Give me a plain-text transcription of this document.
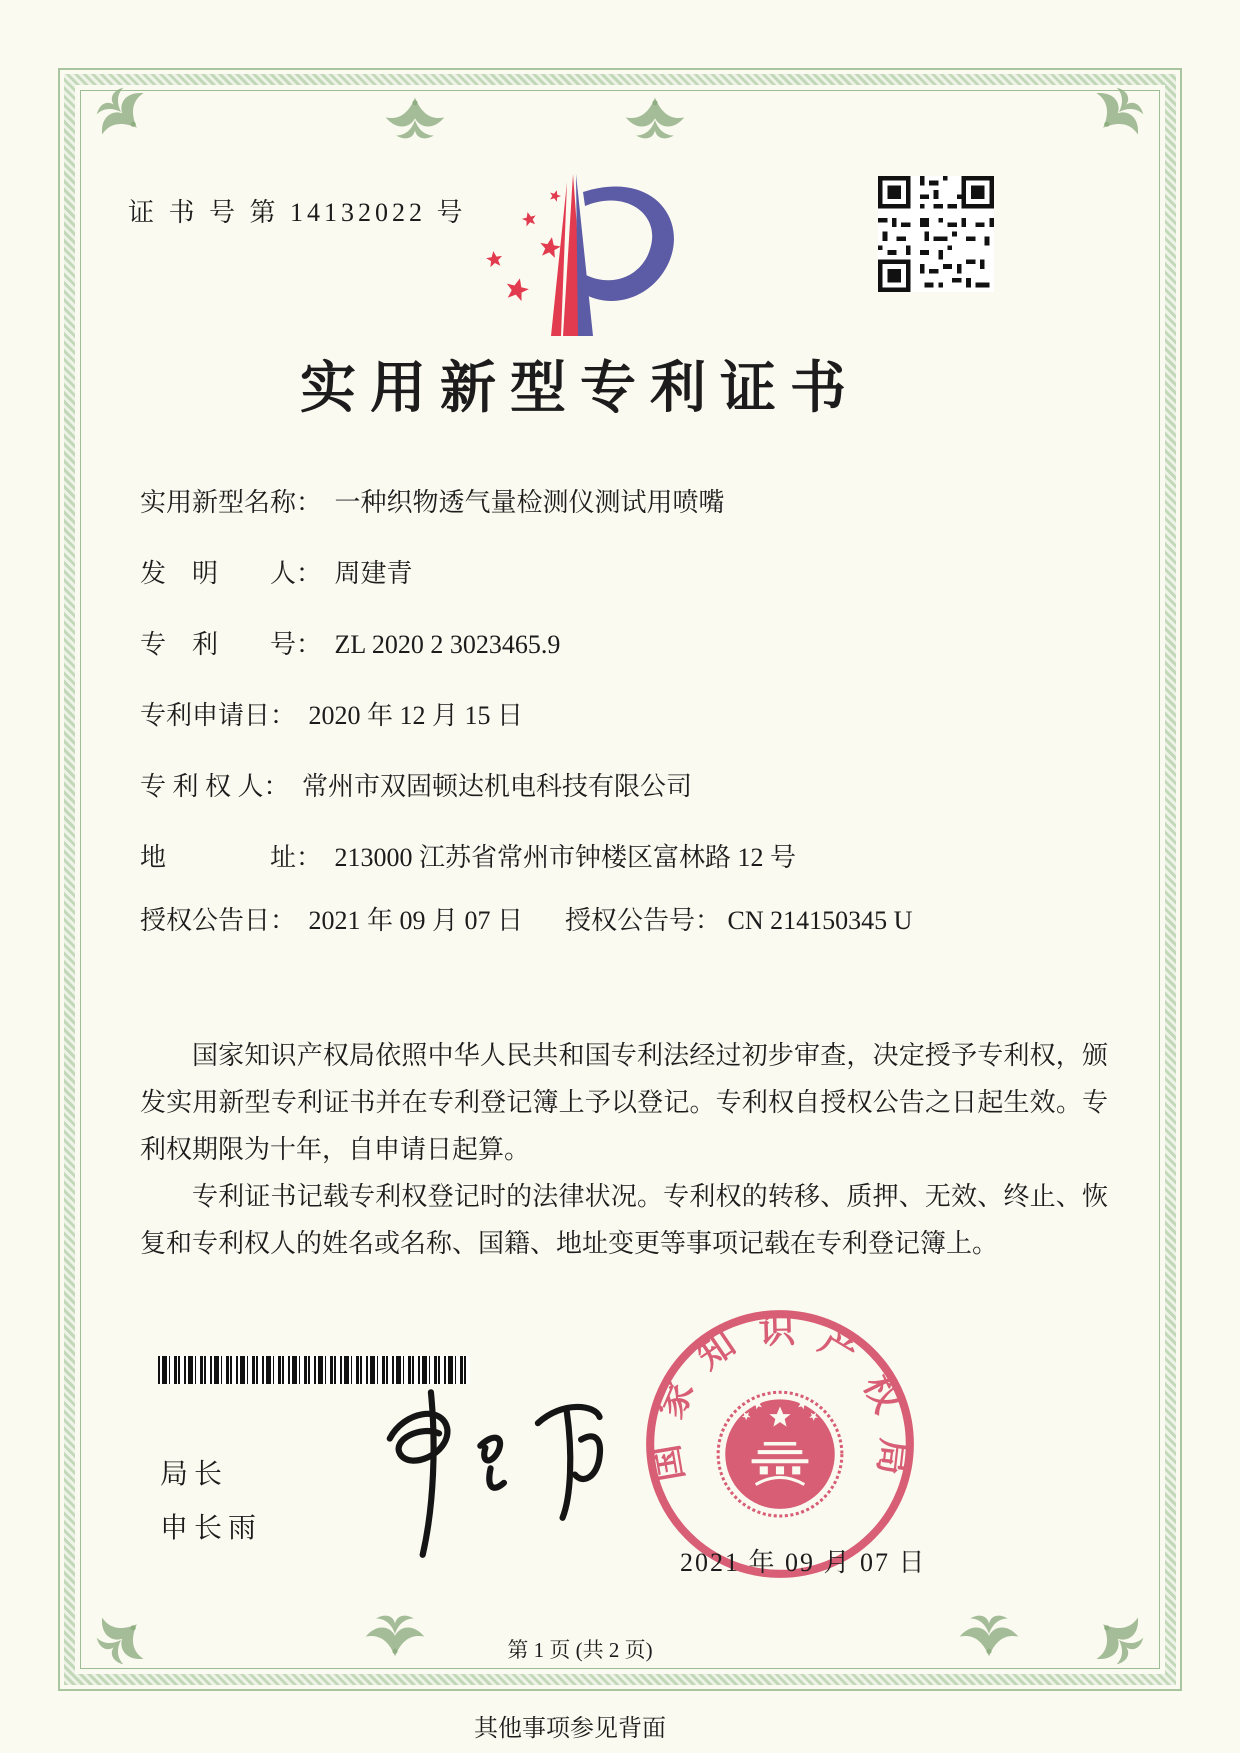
证 书 号 第 14132022 号
实用新型专利证书
实用新型名称： 一种织物透气量检测仪测试用喷嘴
发　明　　人： 周建青
专　利　　号： ZL 2020 2 3023465.9
专利申请日： 2020 年 12 月 15 日
专 利 权 人： 常州市双固顿达机电科技有限公司
地　　　　址： 213000 江苏省常州市钟楼区富林路 12 号
授权公告日： 2021 年 09 月 07 日 授权公告号： CN 214150345 U

国家知识产权局依照中华人民共和国专利法经过初步审查，决定授予专利权，颁发实用新型专利证书并在专利登记簿上予以登记。专利权自授权公告之日起生效。专利权期限为十年，自申请日起算。

专利证书记载专利权登记时的法律状况。专利权的转移、质押、无效、终止、恢复和专利权人的姓名或名称、国籍、地址变更等事项记载在专利登记簿上。

局长
申长雨
国家知识产权局
2021 年 09 月 07 日
第 1 页 (共 2 页)
其他事项参见背面
